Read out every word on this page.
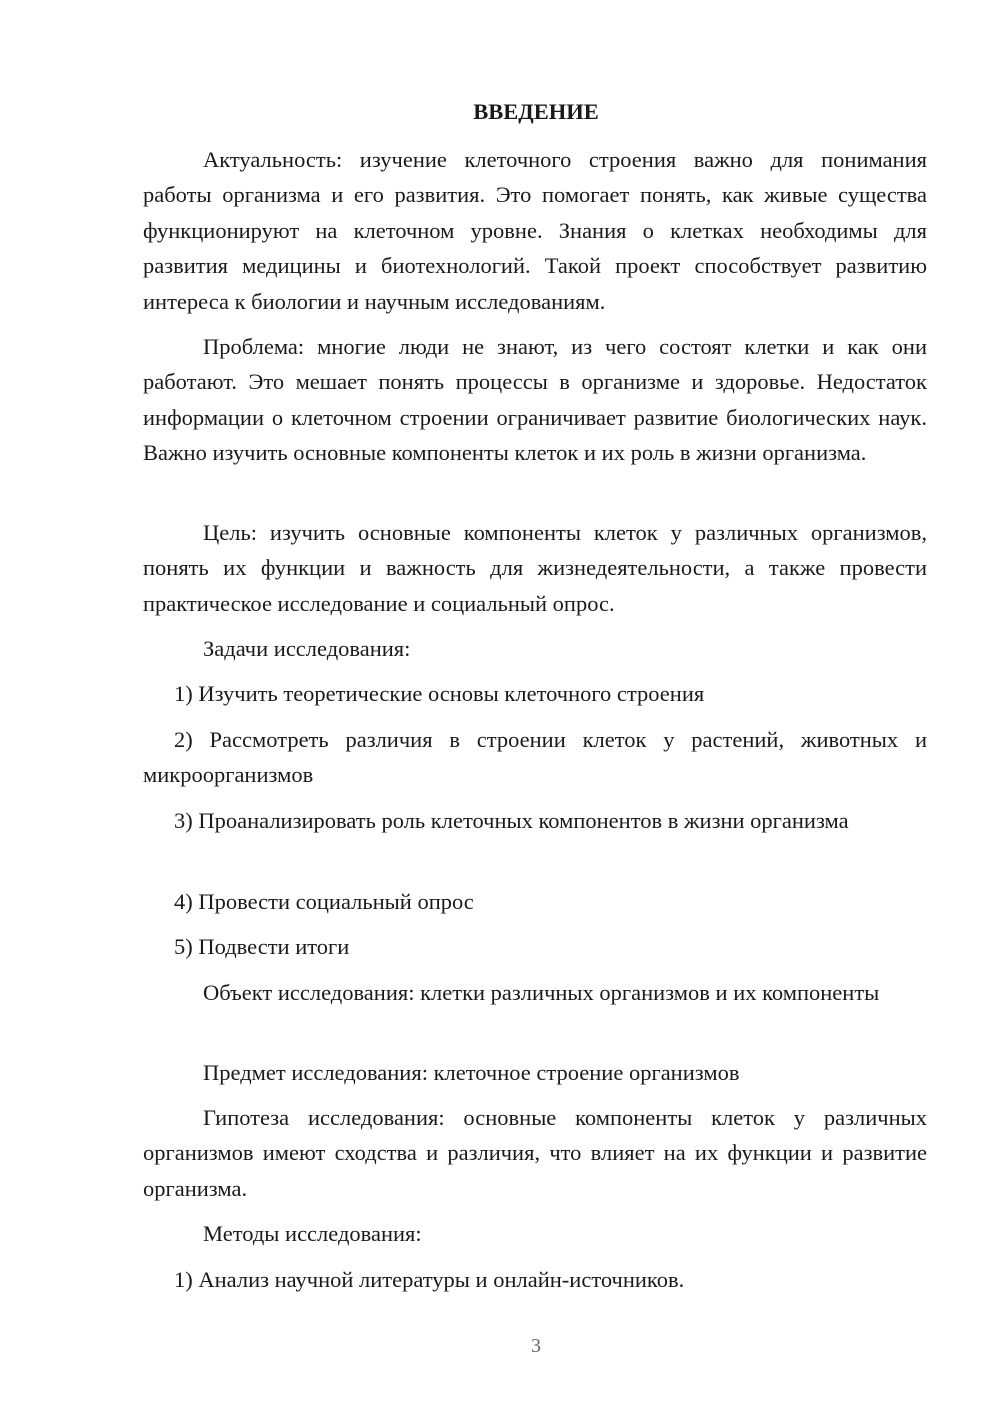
ВВЕДЕНИЕ

Актуальность: изучение клеточного строения важно для понимания работы организма и его развития. Это помогает понять, как живые существа функционируют на клеточном уровне. Знания о клетках необходимы для развития медицины и биотехнологий. Такой проект способствует развитию интереса к биологии и научным исследованиям.

Проблема: многие люди не знают, из чего состоят клетки и как они работают. Это мешает понять процессы в организме и здоровье. Недостаток информации о клеточном строении ограничивает развитие биологических наук. Важно изучить основные компоненты клеток и их роль в жизни организма.

Цель: изучить основные компоненты клеток у различных организмов, понять их функции и важность для жизнедеятельности, а также провести практическое исследование и социальный опрос.

Задачи исследования:

1) Изучить теоретические основы клеточного строения

2) Рассмотреть различия в строении клеток у растений, животных и микроорганизмов

3) Проанализировать роль клеточных компонентов в жизни организма

4) Провести социальный опрос

5) Подвести итоги

Объект исследования: клетки различных организмов и их компоненты

Предмет исследования: клеточное строение организмов

Гипотеза исследования: основные компоненты клеток у различных организмов имеют сходства и различия, что влияет на их функции и развитие организма.

Методы исследования:

1) Анализ научной литературы и онлайн-источников.

3
